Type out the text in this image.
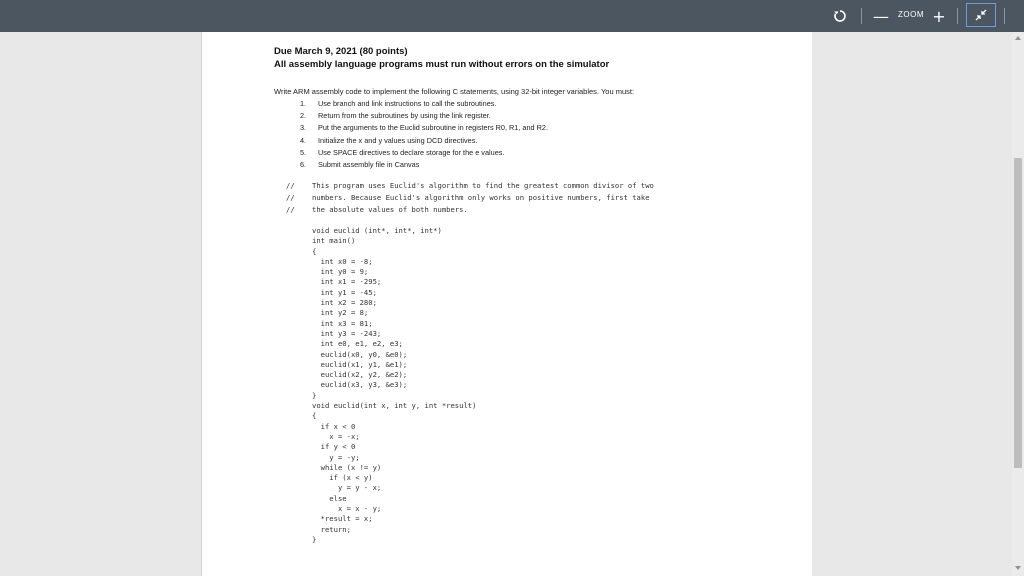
— ZOOM +
Due March 9, 2021 (80 points)
All assembly language programs must run without errors on the simulator
Write ARM assembly code to implement the following C statements, using 32-bit integer variables. You must:
1. Use branch and link instructions to call the subroutines.
2. Return from the subroutines by using the link register.
3. Put the arguments to the Euclid subroutine in registers R0, R1, and R2.
4. Initialize the x and y values using DCD directives.
5. Use SPACE directives to declare storage for the e values.
6. Submit assembly file in Canvas
// This program uses Euclid's algorithm to find the greatest common divisor of two
// numbers. Because Euclid's algorithm only works on positive numbers, first take
// the absolute values of both numbers.
void euclid (int*, int*, int*)
int main()
{
int x0 = -8;
int y0 = 9;
int x1 = -295;
int y1 = -45;
int x2 = 280;
int y2 = 8;
int x3 = 81;
int y3 = -243;
int e0, e1, e2, e3;
euclid(x0, y0, &e0);
euclid(x1, y1, &e1);
euclid(x2, y2, &e2);
euclid(x3, y3, &e3);
}
void euclid(int x, int y, int *result)
{
if x < 0
x = -x;
if y < 0
y = -y;
while (x != y)
if (x < y)
y = y - x;
else
x = x - y;
*result = x;
return;
}
